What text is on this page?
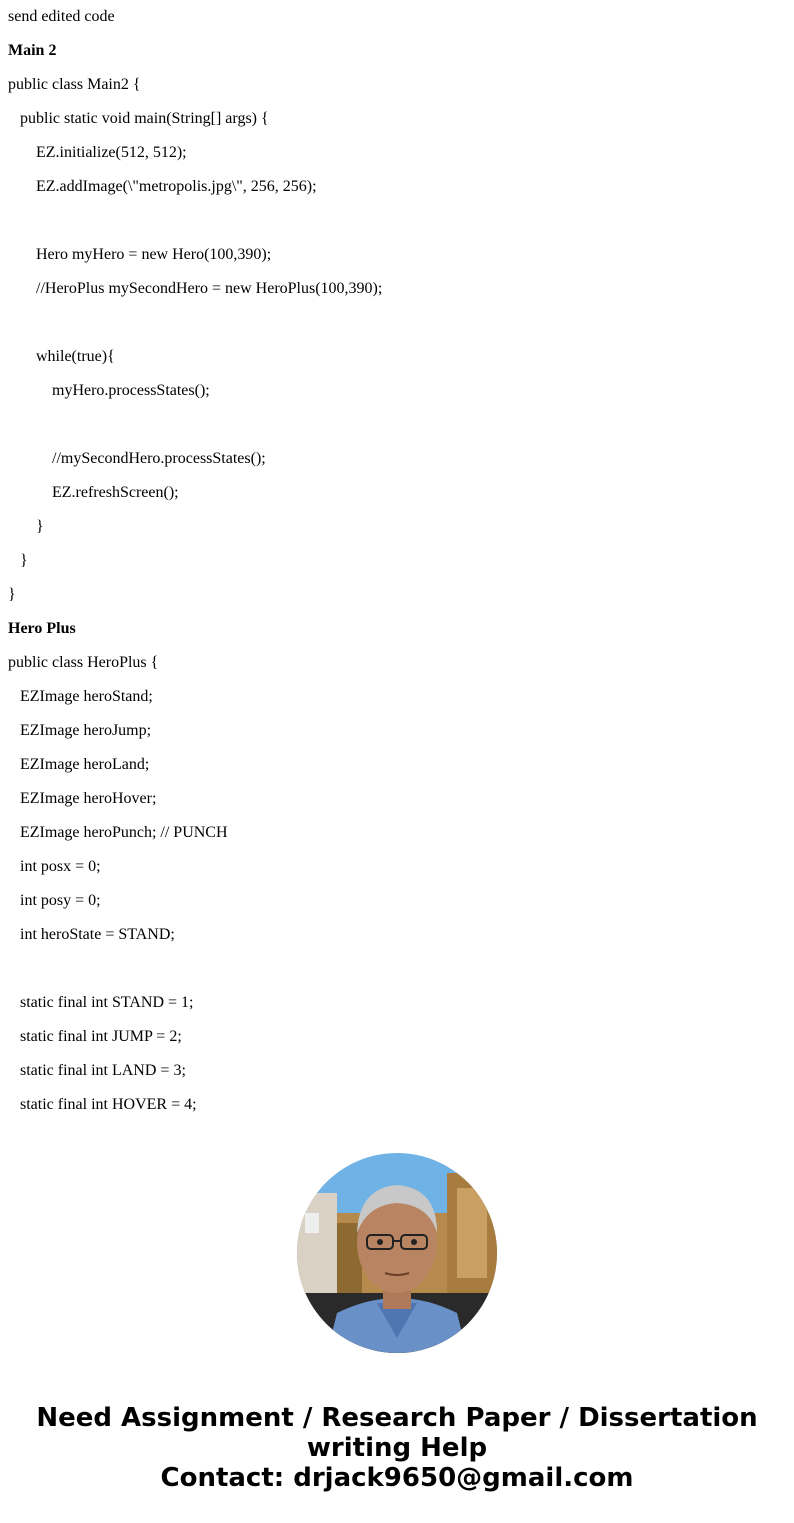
send edited code
Main 2
public class Main2 {
public static void main(String[] args) {
EZ.initialize(512, 512);
EZ.addImage(\"metropolis.jpg\", 256, 256);
Hero myHero = new Hero(100,390);
//HeroPlus mySecondHero = new HeroPlus(100,390);
while(true){
myHero.processStates();
//mySecondHero.processStates();
EZ.refreshScreen();
}
}
}
Hero Plus
public class HeroPlus {
EZImage heroStand;
EZImage heroJump;
EZImage heroLand;
EZImage heroHover;
EZImage heroPunch; // PUNCH
int posx = 0;
int posy = 0;
int heroState = STAND;
static final int STAND = 1;
static final int JUMP = 2;
static final int LAND = 3;
static final int HOVER = 4;
Need Assignment / Research Paper / Dissertation
writing Help
Contact: drjack9650@gmail.com
